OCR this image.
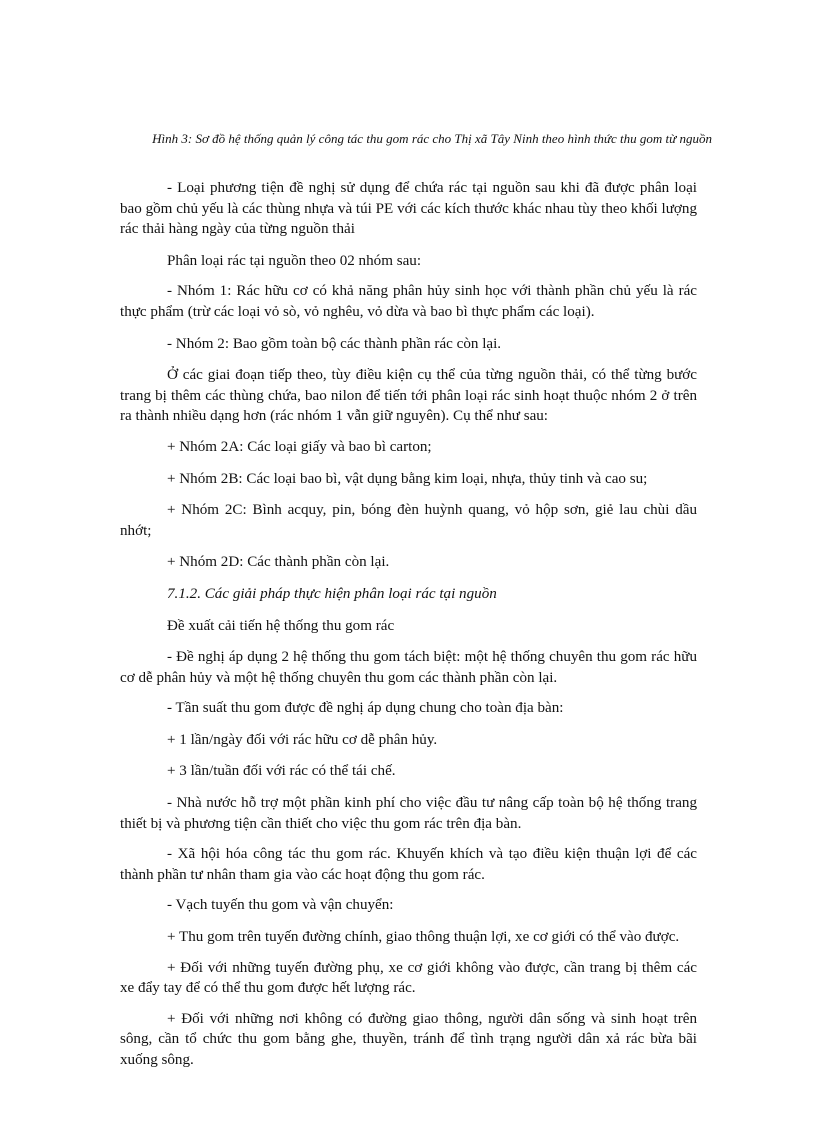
Hình 3: Sơ đồ hệ thống quản lý công tác thu gom rác cho Thị xã Tây Ninh theo hình thức thu gom từ nguồn

- Loại phương tiện đề nghị sử dụng để chứa rác tại nguồn sau khi đã được phân loại bao gồm chủ yếu là các thùng nhựa và túi PE với các kích thước khác nhau tùy theo khối lượng rác thải hàng ngày của từng nguồn thải

Phân loại rác tại nguồn theo 02 nhóm sau:

- Nhóm 1: Rác hữu cơ có khả năng phân hủy sinh học với thành phần chủ yếu là rác thực phẩm (trừ các loại vỏ sò, vỏ nghêu, vỏ dừa và bao bì thực phẩm các loại).

- Nhóm 2: Bao gồm toàn bộ các thành phần rác còn lại.

Ở các giai đoạn tiếp theo, tùy điều kiện cụ thể của từng nguồn thải, có thể từng bước trang bị thêm các thùng chứa, bao nilon để tiến tới phân loại rác sinh hoạt thuộc nhóm 2 ở trên ra thành nhiều dạng hơn (rác nhóm 1 vẫn giữ nguyên). Cụ thể như sau:

+ Nhóm 2A: Các loại giấy và bao bì carton;

+ Nhóm 2B: Các loại bao bì, vật dụng bằng kim loại, nhựa, thủy tinh và cao su;

+ Nhóm 2C: Bình acquy, pin, bóng đèn huỳnh quang, vỏ hộp sơn, giẻ lau chùi dầu nhớt;

+ Nhóm 2D: Các thành phần còn lại.

7.1.2. Các giải pháp thực hiện phân loại rác tại nguồn

Đề xuất cải tiến hệ thống thu gom rác

- Đề nghị áp dụng 2 hệ thống thu gom tách biệt: một hệ thống chuyên thu gom rác hữu cơ dễ phân hủy và một hệ thống chuyên thu gom các thành phần còn lại.

- Tần suất thu gom được đề nghị áp dụng chung cho toàn địa bàn:

+ 1 lần/ngày đối với rác hữu cơ dễ phân hủy.

+ 3 lần/tuần đối với rác có thể tái chế.

- Nhà nước hỗ trợ một phần kinh phí cho việc đầu tư nâng cấp toàn bộ hệ thống trang thiết bị và phương tiện cần thiết cho việc thu gom rác trên địa bàn.

- Xã hội hóa công tác thu gom rác. Khuyến khích và tạo điều kiện thuận lợi để các thành phần tư nhân tham gia vào các hoạt động thu gom rác.

- Vạch tuyến thu gom và vận chuyển:

+ Thu gom trên tuyến đường chính, giao thông thuận lợi, xe cơ giới có thể vào được.

+ Đối với những tuyến đường phụ, xe cơ giới không vào được, cần trang bị thêm các xe đẩy tay để có thể thu gom được hết lượng rác.

+ Đối với những nơi không có đường giao thông, người dân sống và sinh hoạt trên sông, cần tổ chức thu gom bằng ghe, thuyền, tránh để tình trạng người dân xả rác bừa bãi xuống sông.
